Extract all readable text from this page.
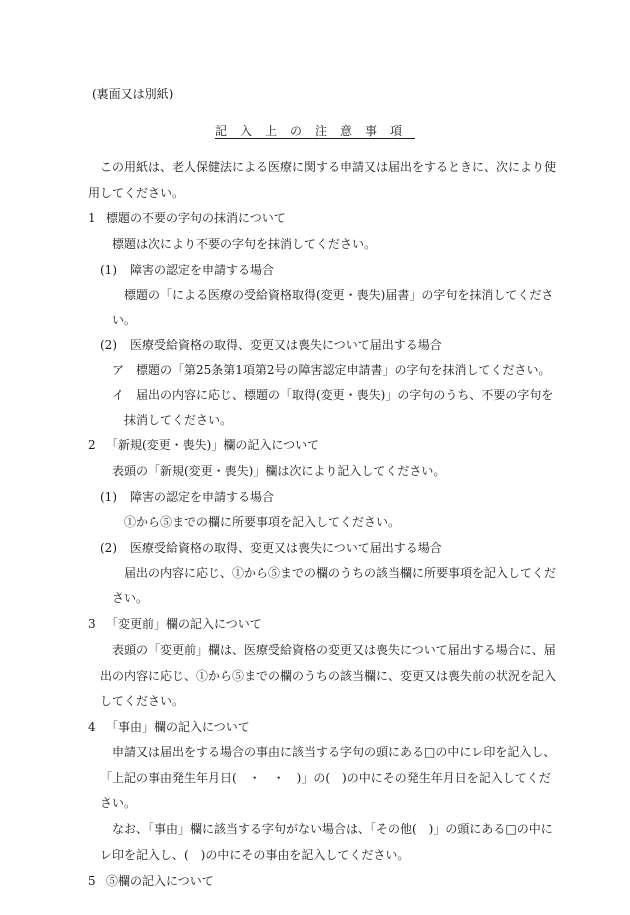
(裏面又は別紙)
記入上の注意事項
この用紙は、老人保健法による医療に関する申請又は届出をするときに、次により使
用してください。
1 標題の不要の字句の抹消について
標題は次により不要の字句を抹消してください。
(1) 障害の認定を申請する場合
標題の「による医療の受給資格取得(変更・喪失)届書」の字句を抹消してくださ
い。
(2) 医療受給資格の取得、変更又は喪失について届出する場合
ア 標題の「第25条第1項第2号の障害認定申請書」の字句を抹消してください。
イ 届出の内容に応じ、標題の「取得(変更・喪失)」の字句のうち、不要の字句を
抹消してください。
2 「新規(変更・喪失)」欄の記入について
表頭の「新規(変更・喪失)」欄は次により記入してください。
(1) 障害の認定を申請する場合
①から⑤までの欄に所要事項を記入してください。
(2) 医療受給資格の取得、変更又は喪失について届出する場合
届出の内容に応じ、①から⑤までの欄のうちの該当欄に所要事項を記入してくだ
さい。
3 「変更前」欄の記入について
表頭の「変更前」欄は、医療受給資格の変更又は喪失について届出する場合に、届
出の内容に応じ、①から⑤までの欄のうちの該当欄に、変更又は喪失前の状況を記入
してください。
4 「事由」欄の記入について
申請又は届出をする場合の事由に該当する字句の頭にある□の中にレ印を記入し、
「上記の事由発生年月日(　・　・　)」の(　)の中にその発生年月日を記入してくだ
さい。
なお、「事由」欄に該当する字句がない場合は、「その他(　)」の頭にある□の中に
レ印を記入し、(　)の中にその事由を記入してください。
5 ⑤欄の記入について
